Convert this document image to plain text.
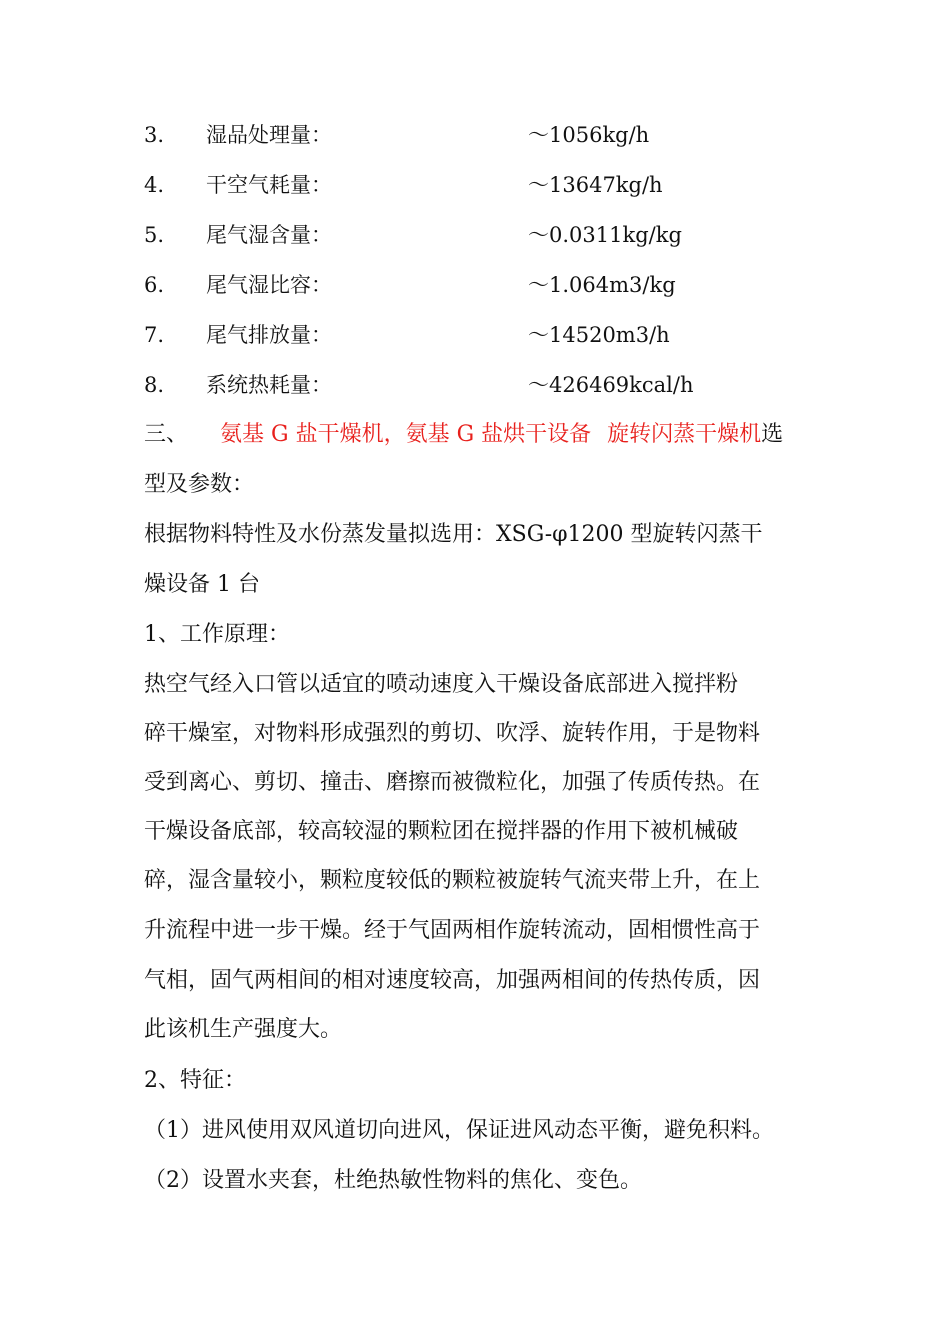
3. 湿品处理量：	～1056kg/h
4. 干空气耗量：	～13647kg/h
5. 尾气湿含量：	～0.0311kg/kg
6. 尾气湿比容：	～1.064m3/kg
7. 尾气排放量：	～14520m3/h
8. 系统热耗量：	～426469kcal/h
三、 氨基 G 盐干燥机，氨基 G 盐烘干设备 旋转闪蒸干燥机选
型及参数：
根据物料特性及水份蒸发量拟选用：XSG-φ1200 型旋转闪蒸干
燥设备 1 台
1、工作原理：
热空气经入口管以适宜的喷动速度入干燥设备底部进入搅拌粉
碎干燥室，对物料形成强烈的剪切、吹浮、旋转作用，于是物料
受到离心、剪切、撞击、磨擦而被微粒化，加强了传质传热。在
干燥设备底部，较高较湿的颗粒团在搅拌器的作用下被机械破
碎，湿含量较小，颗粒度较低的颗粒被旋转气流夹带上升，在上
升流程中进一步干燥。经于气固两相作旋转流动，固相惯性高于
气相，固气两相间的相对速度较高，加强两相间的传热传质，因
此该机生产强度大。
2、特征：
（1）进风使用双风道切向进风，保证进风动态平衡，避免积料。
（2）设置水夹套，杜绝热敏性物料的焦化、变色。
